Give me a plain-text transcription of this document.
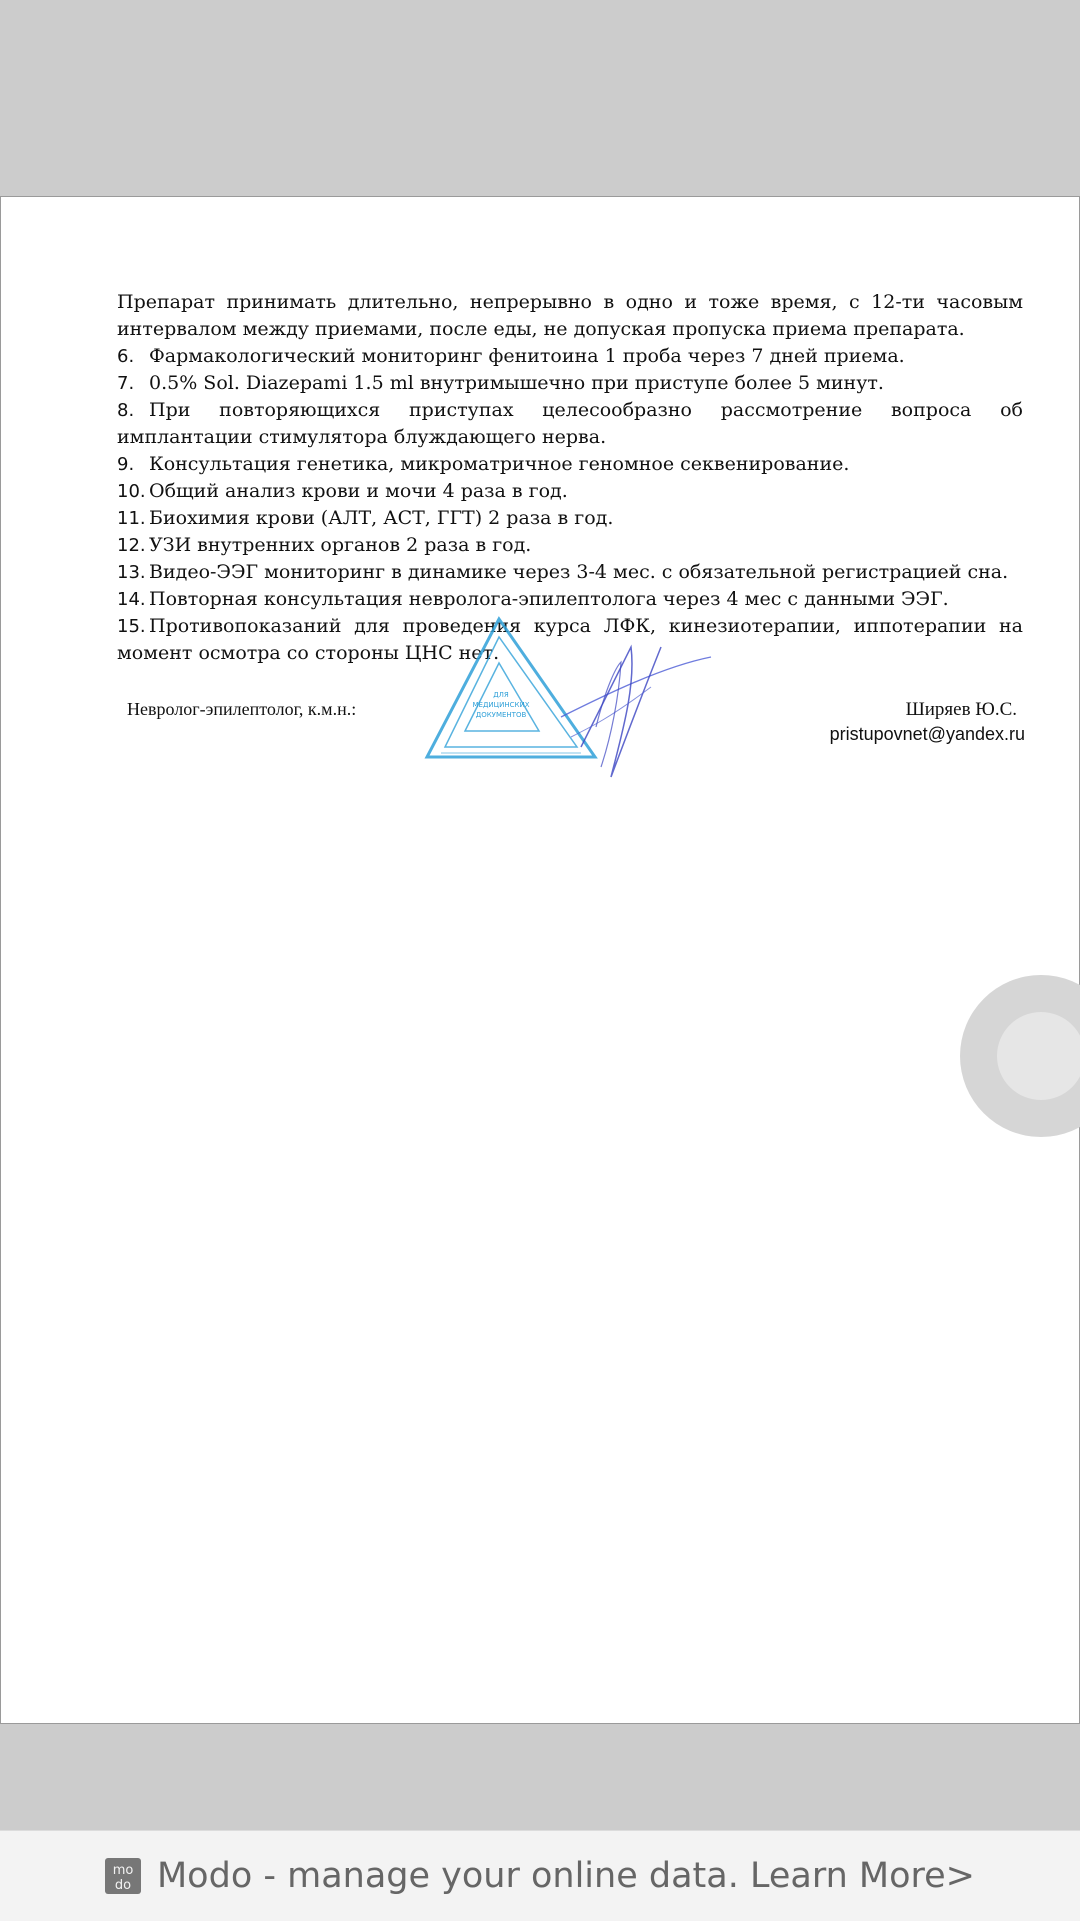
Препарат принимать длительно, непрерывно в одно и тоже время, с 12-ти часовым интервалом между приемами, после еды, не допуская пропуска приема препарата.

6. Фармакологический мониторинг фенитоина 1 проба через 7 дней приема.

7. 0.5% Sol. Diazepami 1.5 ml внутримышечно при приступе более 5 минут.

8. При повторяющихся приступах целесообразно рассмотрение вопроса об имплантации стимулятора блуждающего нерва.

9. Консультация генетика, микроматричное геномное секвенирование.

10. Общий анализ крови и мочи 4 раза в год.

11. Биохимия крови (АЛТ, АСТ, ГГТ) 2 раза в год.

12. УЗИ внутренних органов 2 раза в год.

13. Видео-ЭЭГ мониторинг в динамике через 3-4 мес. с обязательной регистрацией сна.

14. Повторная консультация невролога-эпилептолога через 4 мес с данными ЭЭГ.

15. Противопоказаний для проведения курса ЛФК, кинезиотерапии, иппотерапии на момент осмотра со стороны ЦНС нет.

ДЛЯ
МЕДИЦИНСКИХ
ДОКУМЕНТОВ
Невролог-эпилептолог, к.м.н.:	Ширяев Ю.С.
pristupovnet@yandex.ru
mo
do Modo - manage your online data. Learn More>
